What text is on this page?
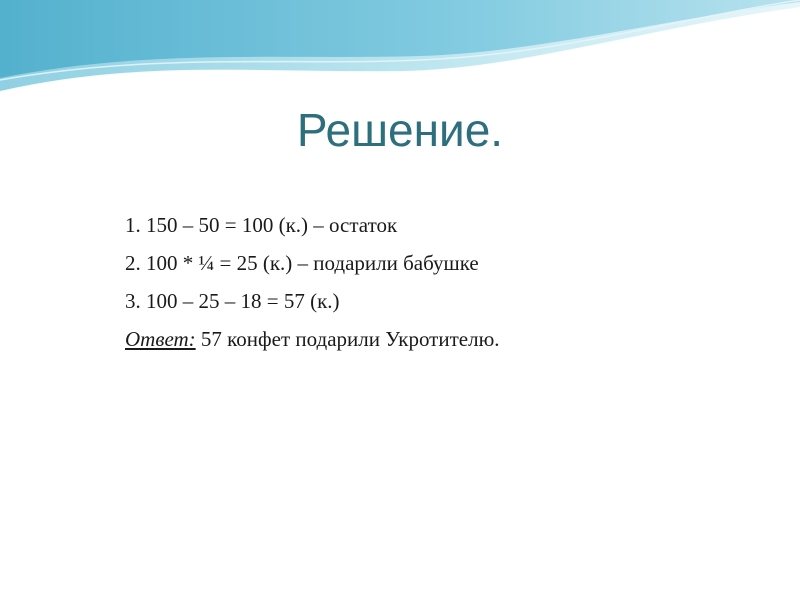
Решение.
1. 150 – 50 = 100 (к.) – остаток
2. 100 * ¼ = 25 (к.) – подарили бабушке
3. 100 – 25 – 18 = 57 (к.)
Ответ: 57 конфет подарили Укротителю.
